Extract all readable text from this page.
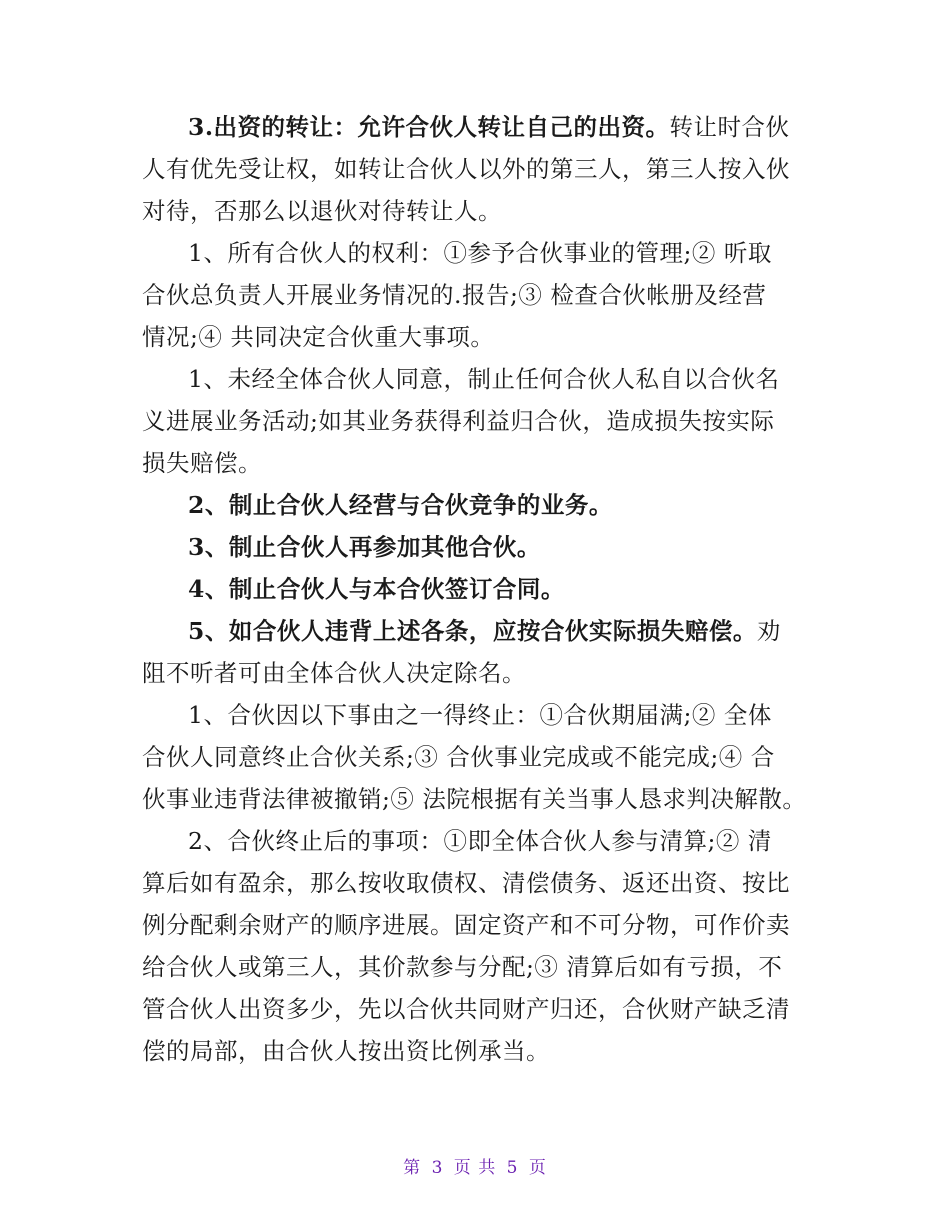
3.出资的转让：允许合伙人转让自己的出资。转让时合伙
人有优先受让权，如转让合伙人以外的第三人，第三人按入伙
对待，否那么以退伙对待转让人。
1、所有合伙人的权利：①参予合伙事业的管理;② 听取
合伙总负责人开展业务情况的.报告;③ 检查合伙帐册及经营
情况;④ 共同决定合伙重大事项。
1、未经全体合伙人同意，制止任何合伙人私自以合伙名
义进展业务活动;如其业务获得利益归合伙，造成损失按实际
损失赔偿。
2、制止合伙人经营与合伙竞争的业务。
3、制止合伙人再参加其他合伙。
4、制止合伙人与本合伙签订合同。
5、如合伙人违背上述各条，应按合伙实际损失赔偿。劝
阻不听者可由全体合伙人决定除名。
1、合伙因以下事由之一得终止：①合伙期届满;② 全体
合伙人同意终止合伙关系;③ 合伙事业完成或不能完成;④ 合
伙事业违背法律被撤销;⑤ 法院根据有关当事人恳求判决解散。
2、合伙终止后的事项：①即全体合伙人参与清算;② 清
算后如有盈余，那么按收取债权、清偿债务、返还出资、按比
例分配剩余财产的顺序进展。固定资产和不可分物，可作价卖
给合伙人或第三人，其价款参与分配;③ 清算后如有亏损，不
管合伙人出资多少，先以合伙共同财产归还，合伙财产缺乏清
偿的局部，由合伙人按出资比例承当。
第 3 页 共 5 页
